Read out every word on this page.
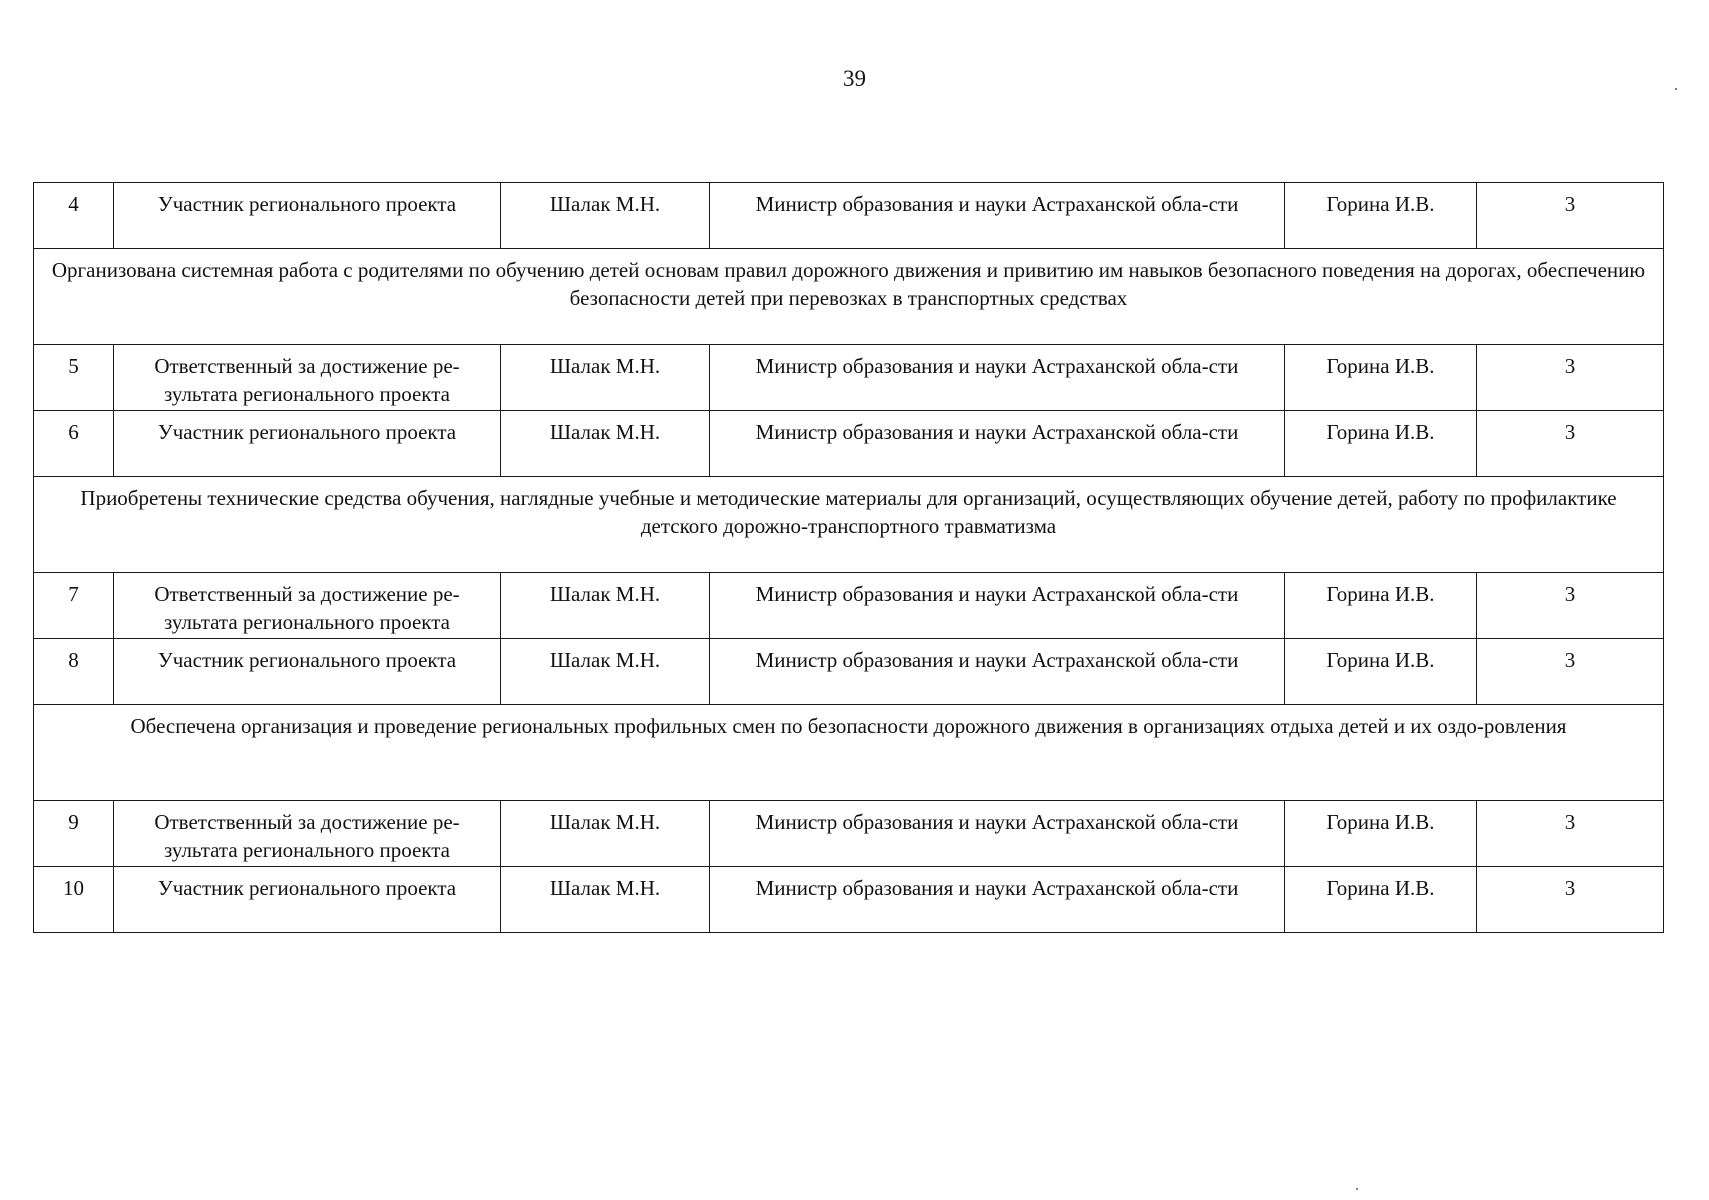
39
4	Участник регионального проекта	Шалак М.Н.	Министр образования и науки Астраханской обла-сти	Горина И.В.	3
Организована системная работа с родителями по обучению детей основам правил дорожного движения и привитию им навыков безопасного поведения на дорогах, обеспечению безопасности детей при перевозках в транспортных средствах					
5	Ответственный за достижение ре-зультата регионального проекта	Шалак М.Н.	Министр образования и науки Астраханской обла-сти	Горина И.В.	3
6	Участник регионального проекта	Шалак М.Н.	Министр образования и науки Астраханской обла-сти	Горина И.В.	3
Приобретены технические средства обучения, наглядные учебные и методические материалы для организаций, осуществляющих обучение детей, работу по профилактике детского дорожно-транспортного травматизма					
7	Ответственный за достижение ре-зультата регионального проекта	Шалак М.Н.	Министр образования и науки Астраханской обла-сти	Горина И.В.	3
8	Участник регионального проекта	Шалак М.Н.	Министр образования и науки Астраханской обла-сти	Горина И.В.	3
Обеспечена организация и проведение региональных профильных смен по безопасности дорожного движения в организациях отдыха детей и их оздо-ровления					
9	Ответственный за достижение ре-зультата регионального проекта	Шалак М.Н.	Министр образования и науки Астраханской обла-сти	Горина И.В.	3
10	Участник регионального проекта	Шалак М.Н.	Министр образования и науки Астраханской обла-сти	Горина И.В.	3
